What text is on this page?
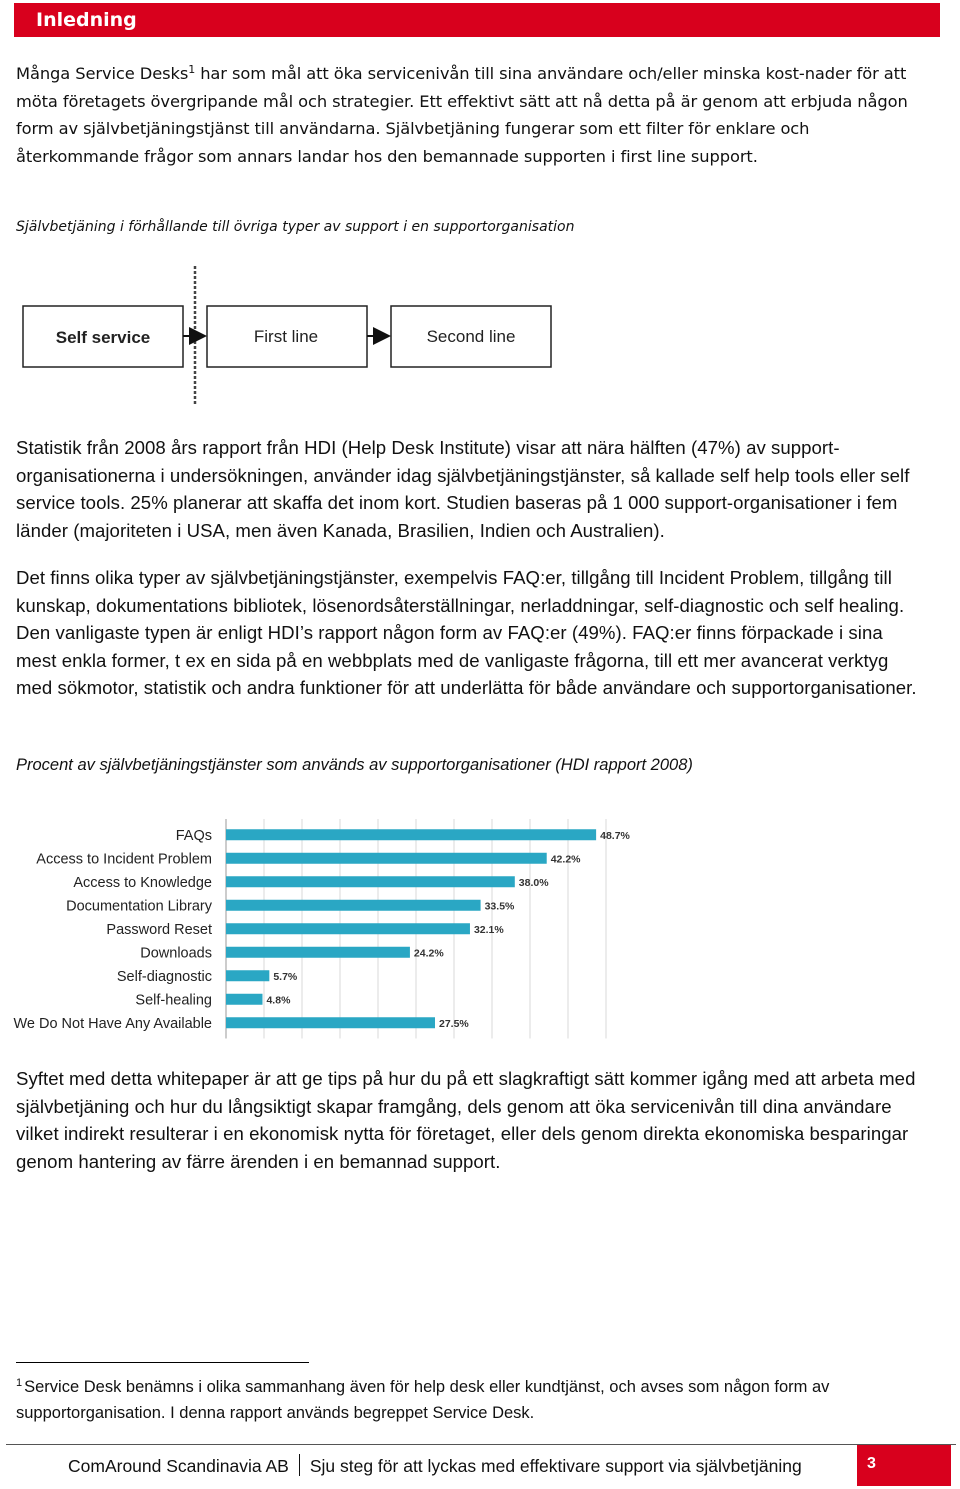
Inledning

Många Service Desks$^1$ har som mål att öka servicenivån till sina användare och/eller minska kost-nader för att möta företagets övergripande mål och strategier. Ett effektivt sätt att nå detta på är genom att erbjuda någon form av självbetjäningstjänst till användarna. Självbetjäning fungerar som ett filter för enklare och återkommande frågor som annars landar hos den bemannade supporten i first line support.

Självbetjäning i förhållande till övriga typer av support i en supportorganisation

Self service	First line	Second line

Statistik från 2008 års rapport från HDI (Help Desk Institute) visar att nära hälften (47%) av support-organisationerna i undersökningen, använder idag självbetjäningstjänster, så kallade self help tools eller self service tools. 25% planerar att skaffa det inom kort. Studien baseras på 1 000 support-organisationer i fem länder (majoriteten i USA, men även Kanada, Brasilien, Indien och Australien).

Det finns olika typer av självbetjäningstjänster, exempelvis FAQ:er, tillgång till Incident Problem, tillgång till kunskap, dokumentations bibliotek, lösenordsåterställningar, nerladdningar, self-diagnostic och self healing. Den vanligaste typen är enligt HDI’s rapport någon form av FAQ:er (49%). FAQ:er finns förpackade i sina mest enkla former, t ex en sida på en webbplats med de vanligaste frågorna, till ett mer avancerat verktyg med sökmotor, statistik och andra funktioner för att underlätta för både användare och supportorganisationer.

Procent av självbetjäningstjänster som används av supportorganisationer (HDI rapport 2008)

FAQs	48.7%
Access to Incident Problem	42.2%
Access to Knowledge	38.0%
Documentation Library	33.5%
Password Reset	32.1%
Downloads	24.2%
Self-diagnostic	5.7%
Self-healing	4.8%
We Do Not Have Any Available	27.5%

Syftet med detta whitepaper är att ge tips på hur du på ett slagkraftigt sätt kommer igång med att arbeta med självbetjäning och hur du långsiktigt skapar framgång, dels genom att öka servicenivån till dina användare vilket indirekt resulterar i en ekonomisk nytta för företaget, eller dels genom direkta ekonomiska besparingar genom hantering av färre ärenden i en bemannad support.

$^1$ Service Desk benämns i olika sammanhang även för help desk eller kundtjänst, och avses som någon form av supportorganisation. I denna rapport används begreppet Service Desk.

ComAround Scandinavia AB Sju steg för att lyckas med effektivare support via självbetjäning	3
